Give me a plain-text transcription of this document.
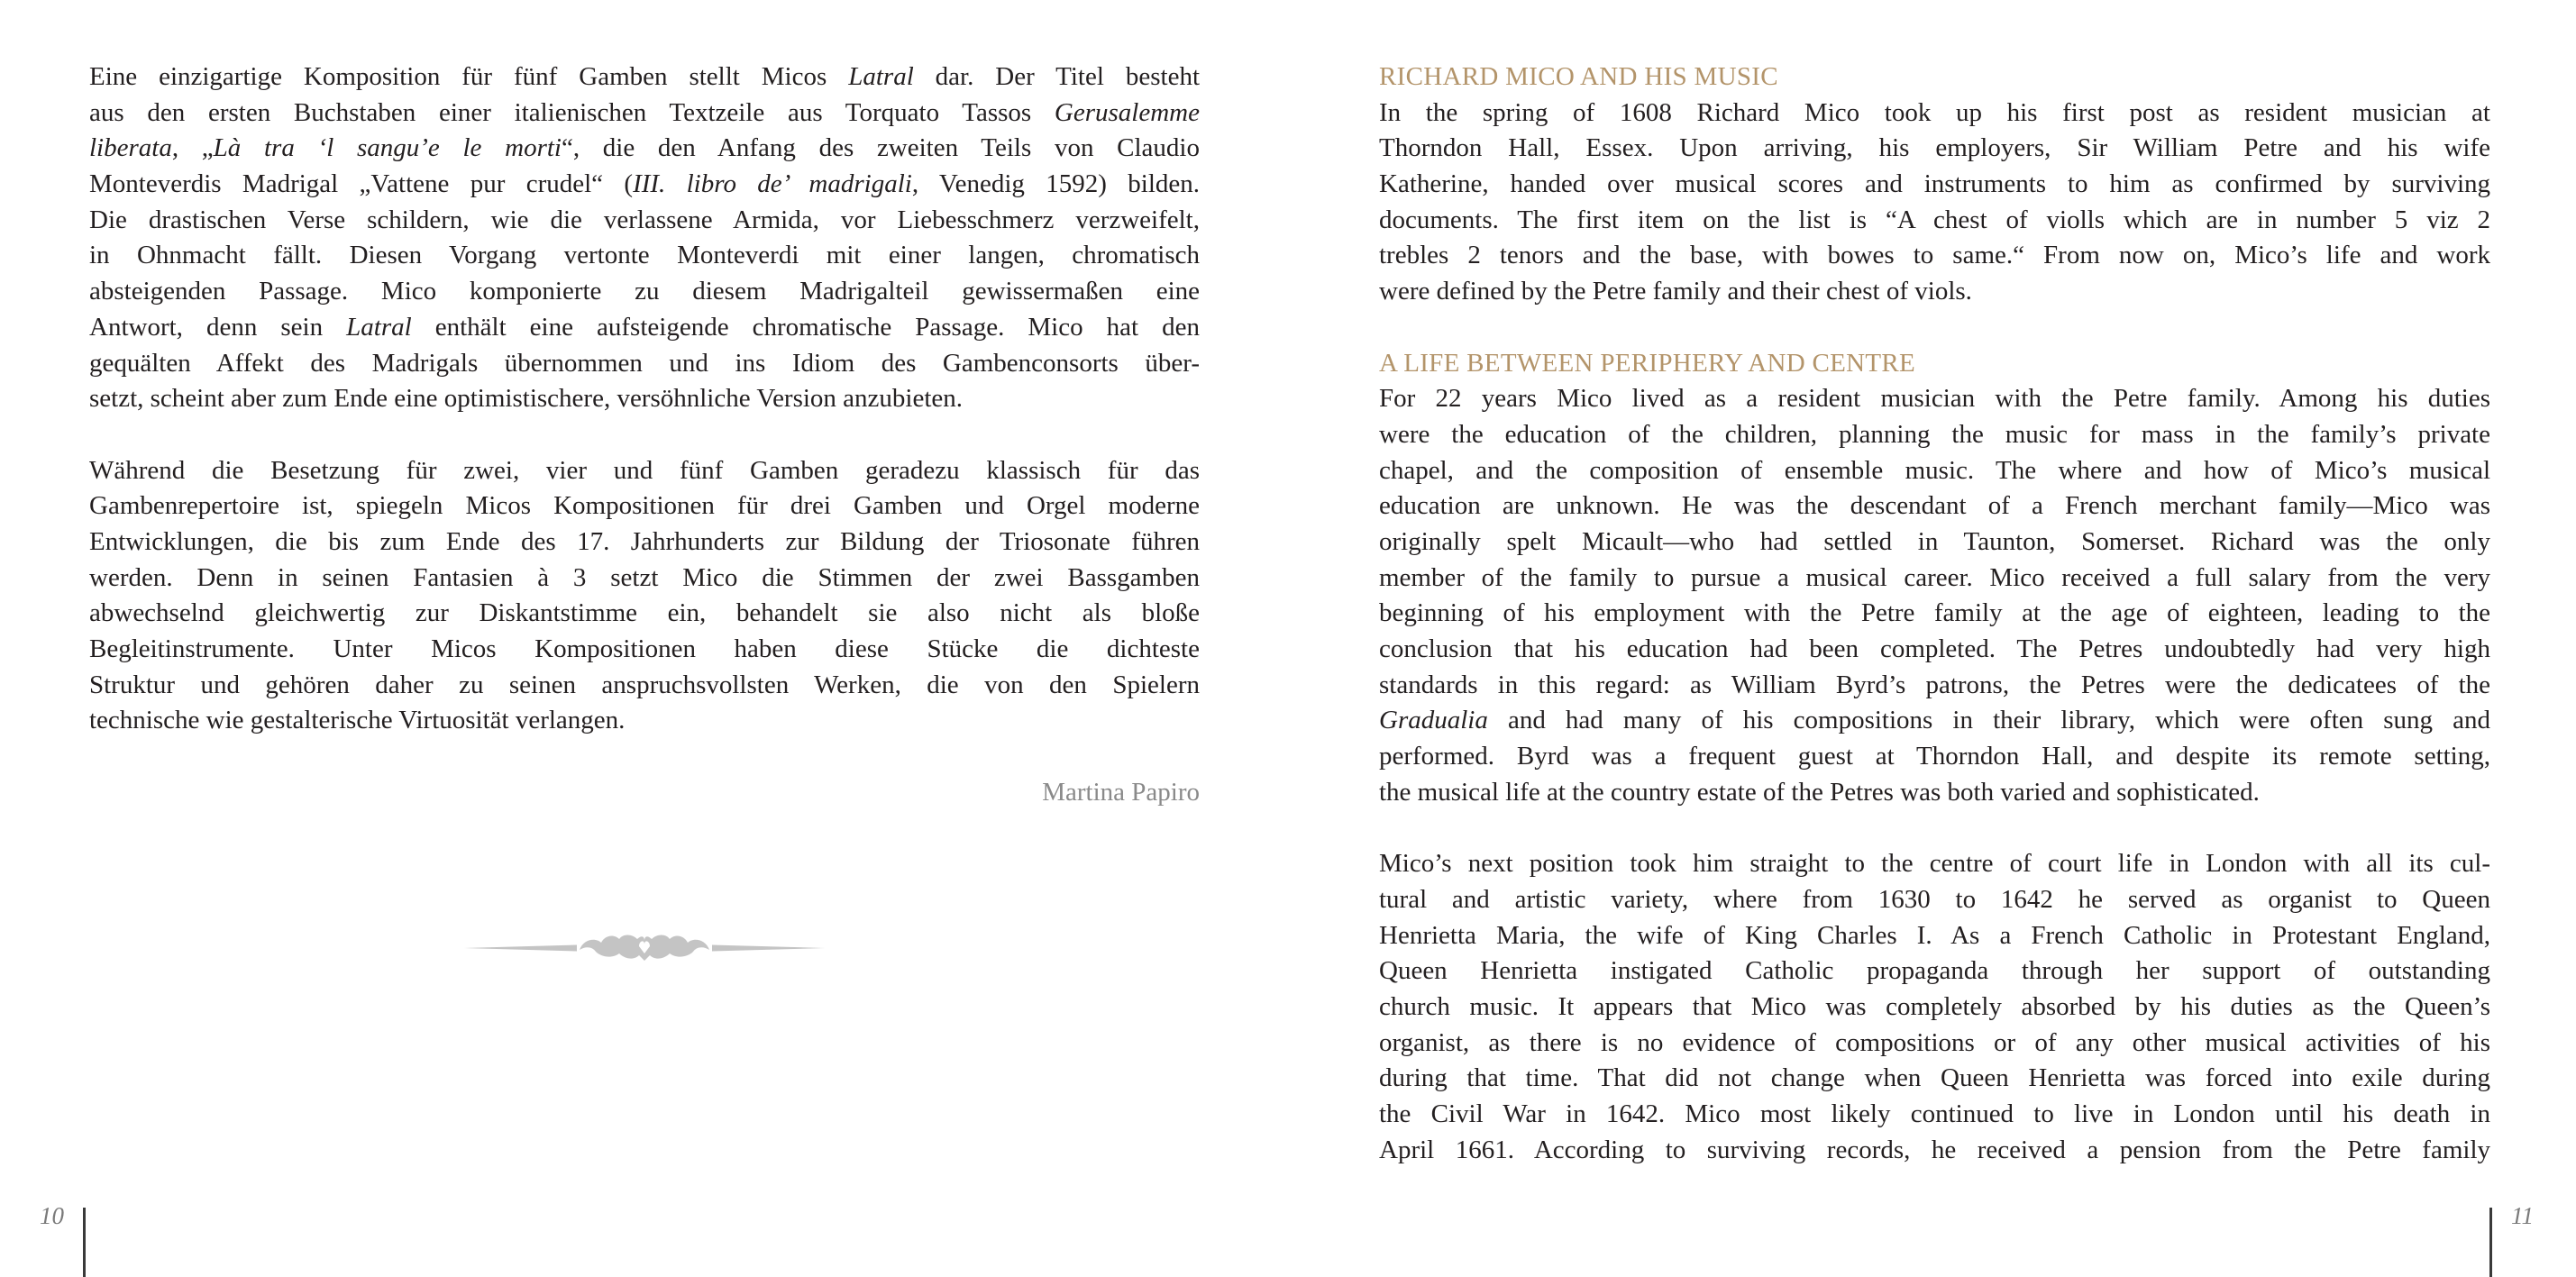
Eine einzigartige Komposition für fünf Gamben stellt Micos Latral dar. Der Titel besteht
aus den ersten Buchstaben einer italienischen Textzeile aus Torquato Tassos Gerusalemme
liberata, „Là tra ‘l sangu’e le morti“, die den Anfang des zweiten Teils von Claudio
Monteverdis Madrigal „Vattene pur crudel“ (III. libro de’ madrigali, Venedig 1592) bilden.
Die drastischen Verse schildern, wie die verlassene Armida, vor Liebesschmerz verzweifelt,
in Ohnmacht fällt. Diesen Vorgang vertonte Monteverdi mit einer langen, chromatisch
absteigenden Passage. Mico komponierte zu diesem Madrigalteil gewissermaßen eine
Antwort, denn sein Latral enthält eine aufsteigende chromatische Passage. Mico hat den
gequälten Affekt des Madrigals übernommen und ins Idiom des Gambenconsorts über-
setzt, scheint aber zum Ende eine optimistischere, versöhnliche Version anzubieten.
Während die Besetzung für zwei, vier und fünf Gamben geradezu klassisch für das
Gambenrepertoire ist, spiegeln Micos Kompositionen für drei Gamben und Orgel moderne
Entwicklungen, die bis zum Ende des 17. Jahrhunderts zur Bildung der Triosonate führen
werden. Denn in seinen Fantasien à 3 setzt Mico die Stimmen der zwei Bassgamben
abwechselnd gleichwertig zur Diskantstimme ein, behandelt sie also nicht als bloße
Begleitinstrumente. Unter Micos Kompositionen haben diese Stücke die dichteste
Struktur und gehören daher zu seinen anspruchsvollsten Werken, die von den Spielern
technische wie gestalterische Virtuosität verlangen.
Martina Papiro
10
RICHARD MICO AND HIS MUSIC
In the spring of 1608 Richard Mico took up his first post as resident musician at
Thorndon Hall, Essex. Upon arriving, his employers, Sir William Petre and his wife
Katherine, handed over musical scores and instruments to him as confirmed by surviving
documents. The first item on the list is “A chest of violls which are in number 5 viz 2
trebles 2 tenors and the base, with bowes to same.“ From now on, Mico’s life and work
were defined by the Petre family and their chest of viols.
A LIFE BETWEEN PERIPHERY AND CENTRE
For 22 years Mico lived as a resident musician with the Petre family. Among his duties
were the education of the children, planning the music for mass in the family’s private
chapel, and the composition of ensemble music. The where and how of Mico’s musical
education are unknown. He was the descendant of a French merchant family—Mico was
originally spelt Micault—who had settled in Taunton, Somerset. Richard was the only
member of the family to pursue a musical career. Mico received a full salary from the very
beginning of his employment with the Petre family at the age of eighteen, leading to the
conclusion that his education had been completed. The Petres undoubtedly had very high
standards in this regard: as William Byrd’s patrons, the Petres were the dedicatees of the
Gradualia and had many of his compositions in their library, which were often sung and
performed. Byrd was a frequent guest at Thorndon Hall, and despite its remote setting,
the musical life at the country estate of the Petres was both varied and sophisticated.
Mico’s next position took him straight to the centre of court life in London with all its cul-
tural and artistic variety, where from 1630 to 1642 he served as organist to Queen
Henrietta Maria, the wife of King Charles I. As a French Catholic in Protestant England,
Queen Henrietta instigated Catholic propaganda through her support of outstanding
church music. It appears that Mico was completely absorbed by his duties as the Queen’s
organist, as there is no evidence of compositions or of any other musical activities of his
during that time. That did not change when Queen Henrietta was forced into exile during
the Civil War in 1642. Mico most likely continued to live in London until his death in
April 1661. According to surviving records, he received a pension from the Petre family
11
